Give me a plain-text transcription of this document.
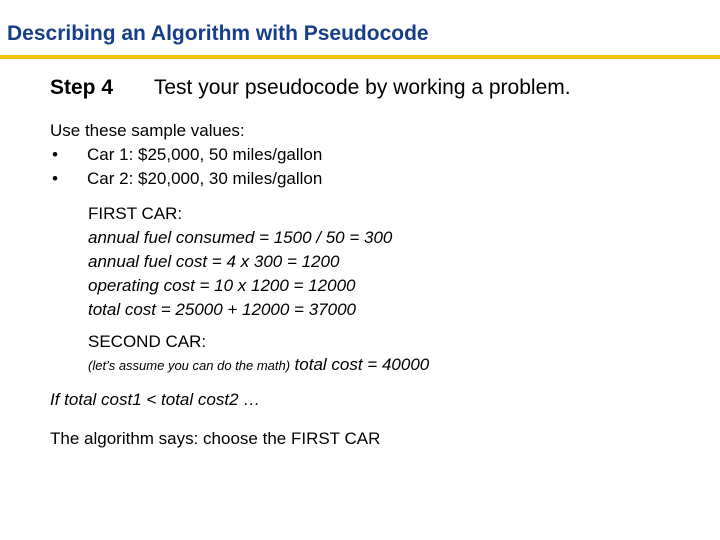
Describing an Algorithm with Pseudocode
Step 4 Test your pseudocode by working a problem.
Use these sample values:
• Car 1: $25,000, 50 miles/gallon
• Car 2: $20,000, 30 miles/gallon
FIRST CAR:
annual fuel consumed = 1500 / 50 = 300
annual fuel cost = 4 x 300 = 1200
operating cost = 10 x 1200 = 12000
total cost = 25000 + 12000 = 37000
SECOND CAR:
(let’s assume you can do the math) total cost = 40000
If total cost1 < total cost2 …
The algorithm says: choose the FIRST CAR
